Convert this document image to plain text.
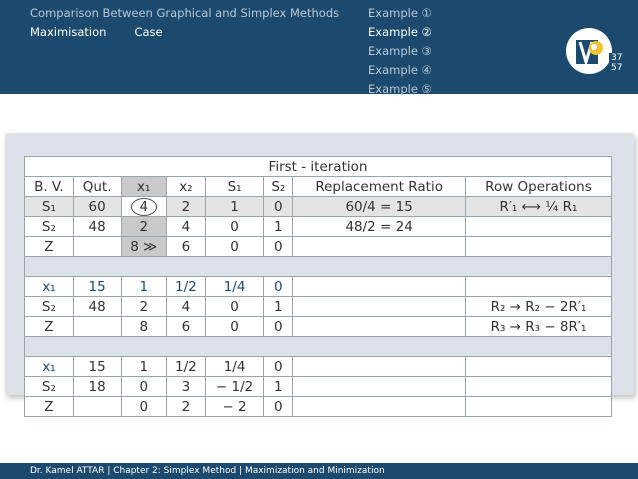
Comparison Between Graphical and Simplex Methods
Maximisation Case
Example ①
Example ②
Example ③
Example ④
Example ⑤
37 57
First - iteration							
B. V.	Qut.	x₁	x₂	S₁	S₂	Replacement Ratio	Row Operations
S₁	60	4	2	1	0	60/4 = 15	R′₁ ⟷ ¼ R₁
S₂	48	2	4	0	1	48/2 = 24	
Z		8 ≫	6	0	0		

x₁	15	1	1/2	1/4	0		
S₂	48	2	4	0	1		R₂ → R₂ − 2R′₁
Z		8	6	0	0		R₃ → R₃ − 8R′₁

x₁	15	1	1/2	1/4	0		
S₂	18	0	3	− 1/2	1		
Z		0	2	− 2	0		
Dr. Kamel ATTAR | Chapter 2: Simplex Method | Maximization and Minimization
